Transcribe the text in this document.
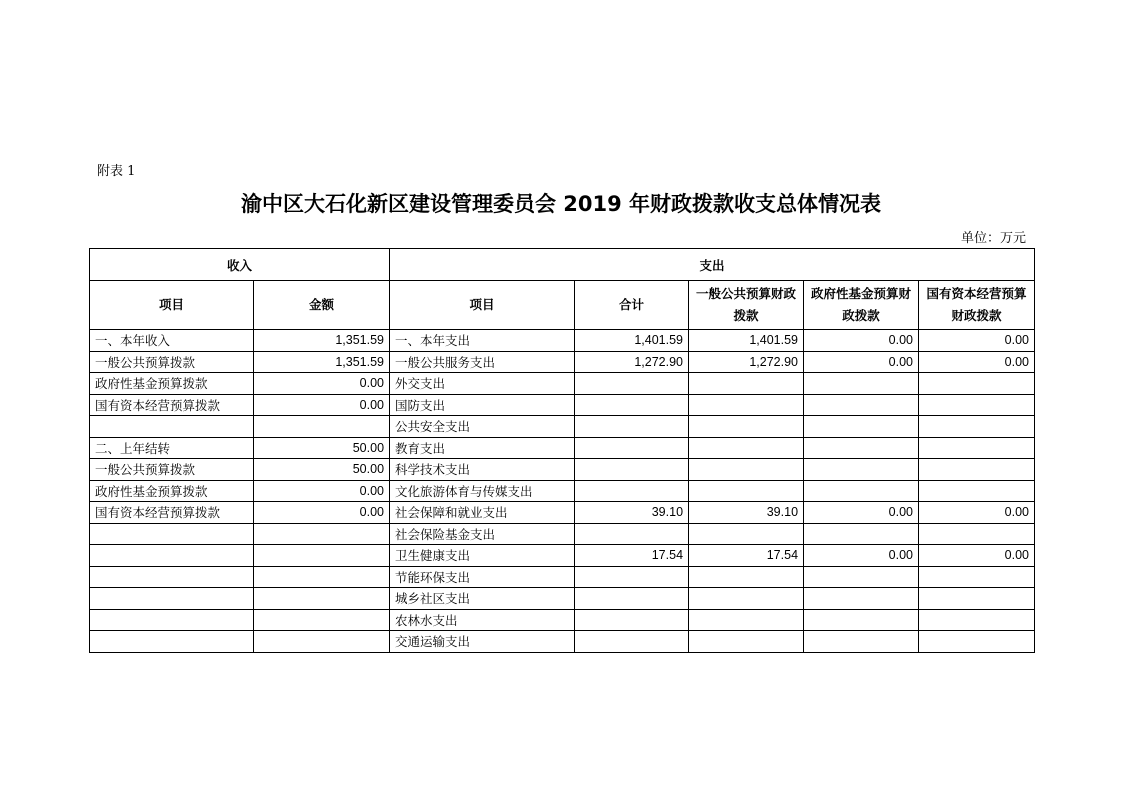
附表 1
渝中区大石化新区建设管理委员会 2019 年财政拨款收支总体情况表
单位：万元
收入		支出				
项目	金额	项目	合计	一般公共预算财政拨款	政府性基金预算财政拨款	国有资本经营预算财政拨款
一、本年收入	1,351.59	一、本年支出	1,401.59	1,401.59	0.00	0.00
一般公共预算拨款	1,351.59	一般公共服务支出	1,272.90	1,272.90	0.00	0.00
政府性基金预算拨款	0.00	外交支出				
国有资本经营预算拨款	0.00	国防支出				
		公共安全支出				
二、上年结转	50.00	教育支出				
一般公共预算拨款	50.00	科学技术支出				
政府性基金预算拨款	0.00	文化旅游体育与传媒支出				
国有资本经营预算拨款	0.00	社会保障和就业支出	39.10	39.10	0.00	0.00
		社会保险基金支出				
		卫生健康支出	17.54	17.54	0.00	0.00
		节能环保支出				
		城乡社区支出				
		农林水支出				
		交通运输支出				
